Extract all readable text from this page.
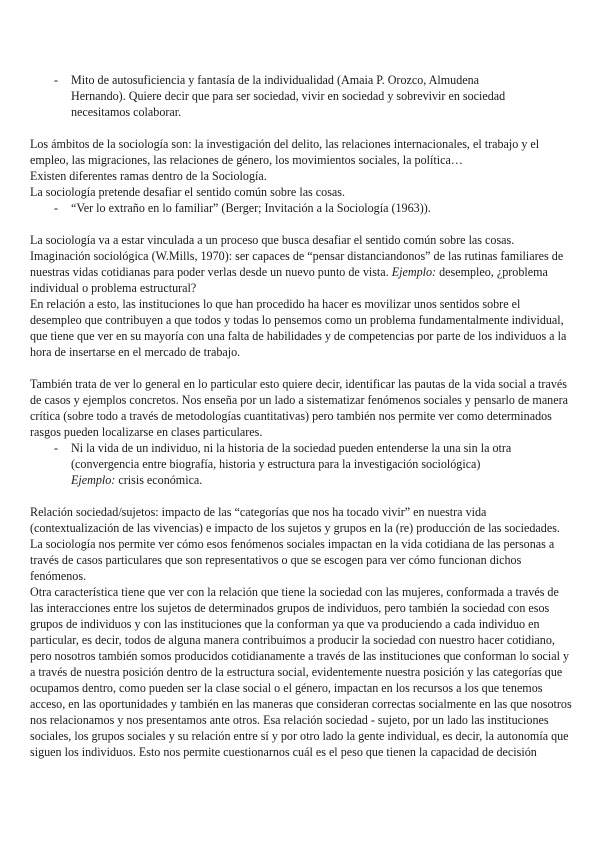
- Mito de autosuficiencia y fantasía de la individualidad (Amaia P. Orozco, Almudena
Hernando). Quiere decir que para ser sociedad, vivir en sociedad y sobrevivir en sociedad
necesitamos colaborar.
Los ámbitos de la sociología son: la investigación del delito, las relaciones internacionales, el trabajo y el
empleo, las migraciones, las relaciones de género, los movimientos sociales, la política…
Existen diferentes ramas dentro de la Sociología.
La sociología pretende desafiar el sentido común sobre las cosas.
- “Ver lo extraño en lo familiar” (Berger; Invitación a la Sociología (1963)).
La sociología va a estar vinculada a un proceso que busca desafiar el sentido común sobre las cosas.
Imaginación sociológica (W.Mills, 1970): ser capaces de “pensar distanciandonos” de las rutinas familiares de
nuestras vidas cotidianas para poder verlas desde un nuevo punto de vista. Ejemplo: desempleo, ¿problema
individual o problema estructural?
En relación a esto, las instituciones lo que han procedido ha hacer es movilizar unos sentidos sobre el
desempleo que contribuyen a que todos y todas lo pensemos como un problema fundamentalmente individual,
que tiene que ver en su mayoría con una falta de habilidades y de competencias por parte de los individuos a la
hora de insertarse en el mercado de trabajo.
También trata de ver lo general en lo particular esto quiere decir, identificar las pautas de la vida social a través
de casos y ejemplos concretos. Nos enseña por un lado a sistematizar fenómenos sociales y pensarlo de manera
crítica (sobre todo a través de metodologías cuantitativas) pero también nos permite ver como determinados
rasgos pueden localizarse en clases particulares.
- Ni la vida de un individuo, ni la historia de la sociedad pueden entenderse la una sin la otra
(convergencia entre biografía, historia y estructura para la investigación sociológica)
Ejemplo: crisis económica.
Relación sociedad/sujetos: impacto de las “categorías que nos ha tocado vivir” en nuestra vida
(contextualización de las vivencias) e impacto de los sujetos y grupos en la (re) producción de las sociedades.
La sociología nos permite ver cómo esos fenómenos sociales impactan en la vida cotidiana de las personas a
través de casos particulares que son representativos o que se escogen para ver cómo funcionan dichos
fenómenos.
Otra característica tiene que ver con la relación que tiene la sociedad con las mujeres, conformada a través de
las interacciones entre los sujetos de determinados grupos de individuos, pero también la sociedad con esos
grupos de individuos y con las instituciones que la conforman ya que va produciendo a cada individuo en
particular, es decir, todos de alguna manera contribuimos a producir la sociedad con nuestro hacer cotidiano,
pero nosotros también somos producidos cotidianamente a través de las instituciones que conforman lo social y
a través de nuestra posición dentro de la estructura social, evidentemente nuestra posición y las categorías que
ocupamos dentro, como pueden ser la clase social o el género, impactan en los recursos a los que tenemos
acceso, en las oportunidades y también en las maneras que consideran correctas socialmente en las que nosotros
nos relacionamos y nos presentamos ante otros. Esa relación sociedad - sujeto, por un lado las instituciones
sociales, los grupos sociales y su relación entre sí y por otro lado la gente individual, es decir, la autonomía que
siguen los individuos. Esto nos permite cuestionarnos cuál es el peso que tienen la capacidad de decisión
